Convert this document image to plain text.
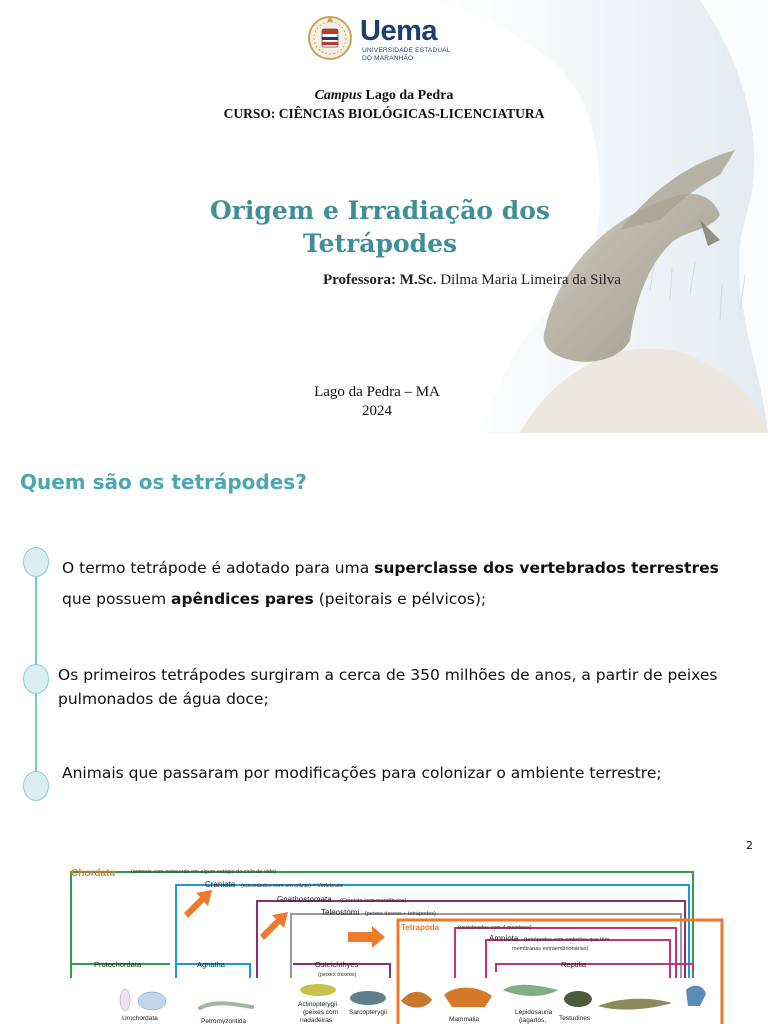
Uema
UNIVERSIDADE ESTADUAL
DO MARANHÃO
Campus Lago da Pedra
CURSO: CIÊNCIAS BIOLÓGICAS-LICENCIATURA
Origem e Irradiação dos
Tetrápodes
Professora: M.Sc. Dilma Maria Limeira da Silva
Lago da Pedra – MA
2024
Quem são os tetrápodes?
O termo tetrápode é adotado para uma superclasse dos vertebrados terrestres que possuem apêndices pares (peitorais e pélvicos);
Os primeiros tetrápodes surgiram a cerca de 350 milhões de anos, a partir de peixes pulmonados de água doce;
Animais que passaram por modificações para colonizar o ambiente terrestre;
2
Chordata	(animais com notocorda em algum estágio do ciclo de vida)
Craniata (eucordados com um crânio) = Vertebrata
Gnathostomata (Craniata com mandíbulas)
Teleostomi (peixes ósseos + tetrápodes)
Tetrapoda	(vertebrados com 4 membros)
Amniota (tetrápodes com embriões que têm
membranas extraembrionárias)
Protochordata	Agnatha	Osteichthyes
(peixes ósseos)
Reptilia
Urochordata	Petromyzontida
Actinopterygii
(peixes com
nadadeiras
Sarcopterygii
Mammalia
Lepidosauria
(lagartos, Testudines
